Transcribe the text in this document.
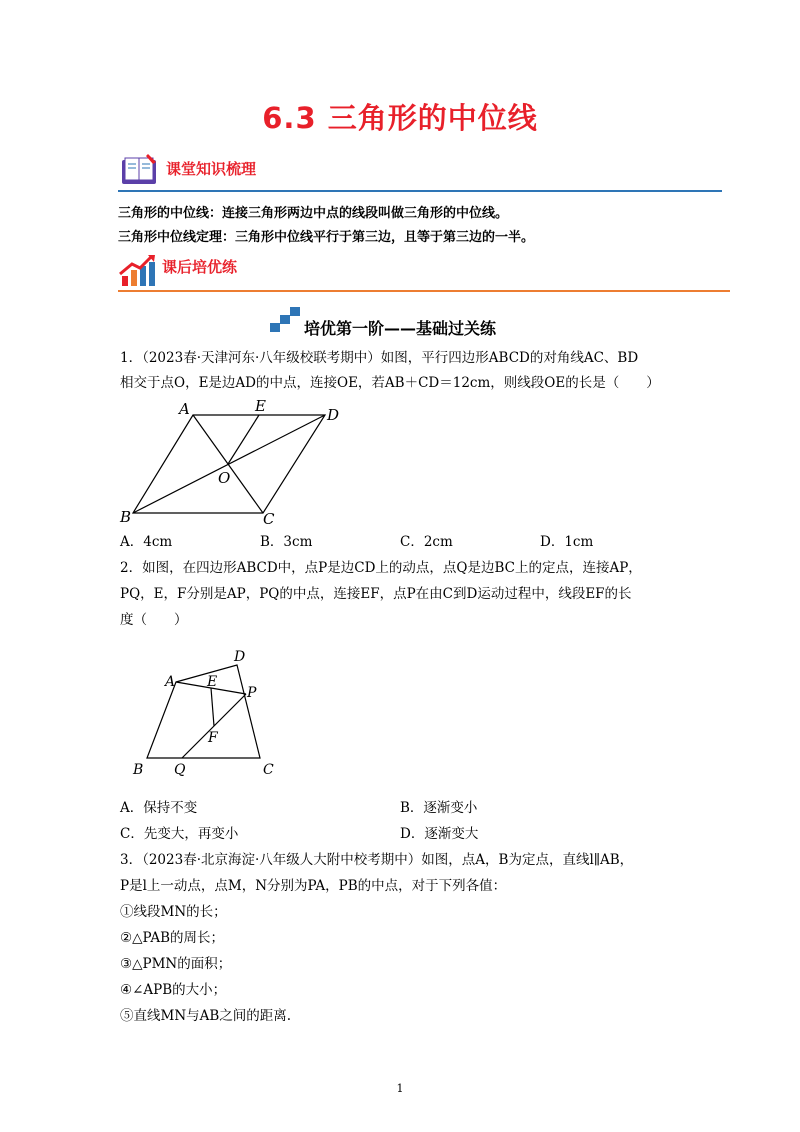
6.3 三角形的中位线
课堂知识梳理
三角形的中位线：连接三角形两边中点的线段叫做三角形的中位线。
三角形中位线定理：三角形中位线平行于第三边，且等于第三边的一半。
课后培优练
培优第一阶——基础过关练
1．（2023春·天津河东·八年级校联考期中）如图，平行四边形ABCD的对角线AC、BD
相交于点O，E是边AD的中点，连接OE，若AB＋CD＝12cm，则线段OE的长是（　　）
A	E	D
O
B	C
A．4cm	B．3cm	C．2cm	D．1cm
2．如图，在四边形ABCD中，点P是边CD上的动点，点Q是边BC上的定点，连接AP，
PQ，E，F分别是AP，PQ的中点，连接EF，点P在由C到D运动过程中，线段EF的长
度（　　）
A
D
E
P
F
B Q	C
A．保持不变	B．逐渐变小
C．先变大，再变小	D．逐渐变大
3．（2023春·北京海淀·八年级人大附中校考期中）如图，点A，B为定点，直线l∥AB，
P是l上一动点，点M，N分别为PA，PB的中点，对于下列各值：
①线段MN的长；
②△PAB的周长；
③△PMN的面积；
④∠APB的大小；
⑤直线MN与AB之间的距离.
1
